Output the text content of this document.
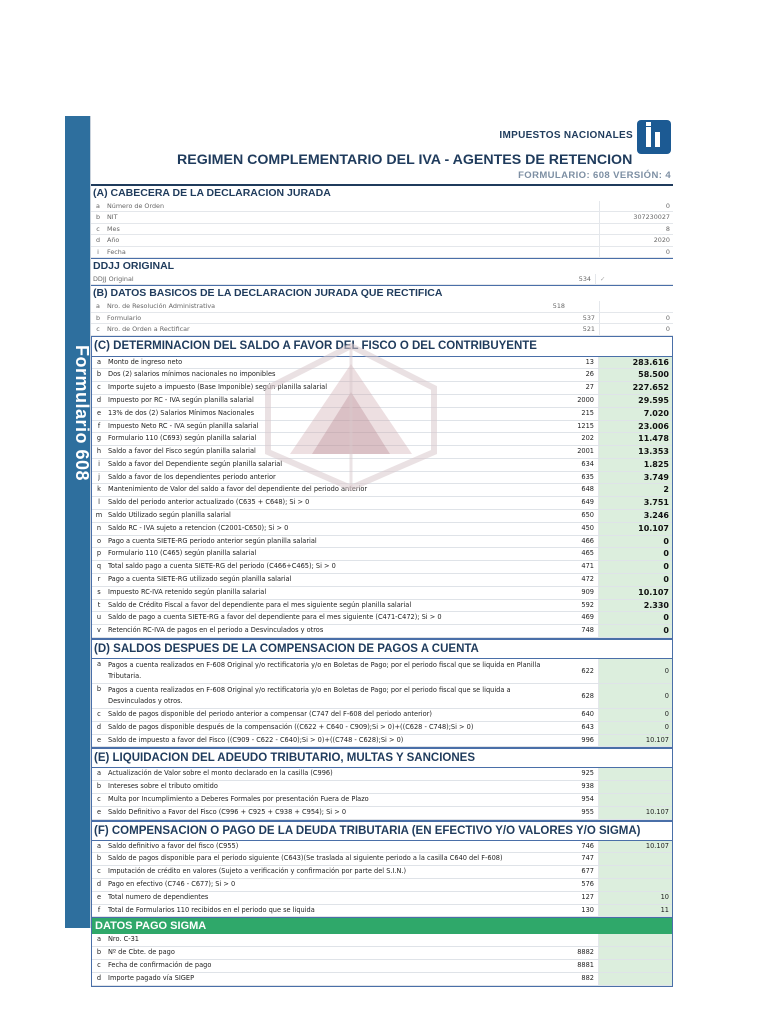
Formulario 608
IMPUESTOS NACIONALES
REGIMEN COMPLEMENTARIO DEL IVA - AGENTES DE RETENCION
FORMULARIO: 608 VERSIÓN: 4
(A) CABECERA DE LA DECLARACION JURADA
a	Número de Orden	0
b	NIT	307230027
c	Mes	8
d	Año	2020
i	Fecha	0
DDJJ ORIGINAL
DDJJ Original	534	✓
(B) DATOS BASICOS DE LA DECLARACION JURADA QUE RECTIFICA
a	Nro. de Resolución Administrativa	518
b	Formulario	537	0
c	Nro. de Orden a Rectificar	521	0
(C) DETERMINACION DEL SALDO A FAVOR DEL FISCO O DEL CONTRIBUYENTE
a	Monto de ingreso neto	13	283.616
b	Dos (2) salarios mínimos nacionales no imponibles	26	58.500
c	Importe sujeto a impuesto (Base Imponible) según planilla salarial	27	227.652
d	Impuesto por RC - IVA según planilla salarial	2000	29.595
e	13% de dos (2) Salarios Mínimos Nacionales	215	7.020
f	Impuesto Neto RC - IVA según planilla salarial	1215	23.006
g	Formulario 110 (C693) según planilla salarial	202	11.478
h	Saldo a favor del Fisco según planilla salarial	2001	13.353
i	Saldo a favor del Dependiente según planilla salarial	634	1.825
j	Saldo a favor de los dependientes periodo anterior	635	3.749
k	Mantenimiento de Valor del saldo a favor del dependiente del periodo anterior	648	2
l	Saldo del periodo anterior actualizado (C635 + C648); Si > 0	649	3.751
m Saldo Utilizado según planilla salarial	650	3.246
n	Saldo RC - IVA sujeto a retencion (C2001-C650); Si > 0	450	10.107
o	Pago a cuenta SIETE-RG periodo anterior según planilla salarial	466	0
p	Formulario 110 (C465) según planilla salarial	465	0
q	Total saldo pago a cuenta SIETE-RG del periodo (C466+C465); Si > 0	471	0
r	Pago a cuenta SIETE-RG utilizado según planilla salarial	472	0
s	Impuesto RC-IVA retenido según planilla salarial	909	10.107
t	Saldo de Crédito Fiscal a favor del dependiente para el mes siguiente según planilla salarial	592	2.330
u	Saldo de pago a cuenta SIETE-RG a favor del dependiente para el mes siguiente (C471-C472); Si > 0	469	0
v	Retención RC-IVA de pagos en el periodo a Desvinculados y otros	748	0
(D) SALDOS DESPUES DE LA COMPENSACION DE PAGOS A CUENTA
a	Pagos a cuenta realizados en F-608 Original y/o rectificatoria y/o en Boletas de Pago; por el periodo fiscal que se liquida en Planilla Tributaria.
622	0
b	Pagos a cuenta realizados en F-608 Original y/o rectificatoria y/o en Boletas de Pago; por el periodo fiscal que se liquida a Desvinculados y otros.
628	0
c	Saldo de pagos disponible del periodo anterior a compensar (C747 del F-608 del periodo anterior)	640	0
d	Saldo de pagos disponible después de la compensación ((C622 + C640 - C909);Si > 0)+((C628 - C748);Si > 0)	643	0
e	Saldo de impuesto a favor del Fisco ((C909 - C622 - C640);Si > 0)+((C748 - C628);Si > 0)	996	10.107
(E) LIQUIDACION DEL ADEUDO TRIBUTARIO, MULTAS Y SANCIONES
a	Actualización de Valor sobre el monto declarado en la casilla (C996)	925
b	Intereses sobre el tributo omitido	938
c	Multa por Incumplimiento a Deberes Formales por presentación Fuera de Plazo	954
e	Saldo Definitivo a Favor del Fisco (C996 + C925 + C938 + C954); Si > 0	955	10.107
(F) COMPENSACION O PAGO DE LA DEUDA TRIBUTARIA (EN EFECTIVO Y/O VALORES Y/O SIGMA)
a	Saldo definitivo a favor del fisco (C955)	746	10.107
b	Saldo de pagos disponible para el periodo siguiente (C643)(Se traslada al siguiente periodo a la casilla C640 del F-608)	747
c	Imputación de crédito en valores (Sujeto a verificación y confirmación por parte del S.I.N.)	677
d	Pago en efectivo (C746 - C677); Si > 0	576
e	Total numero de dependientes	127	10
f	Total de Formularios 110 recibidos en el periodo que se liquida	130	11
DATOS PAGO SIGMA
a	Nro. C-31
b	Nº de Cbte. de pago	8882
c	Fecha de confirmación de pago	8881
d	Importe pagado vía SIGEP	882
